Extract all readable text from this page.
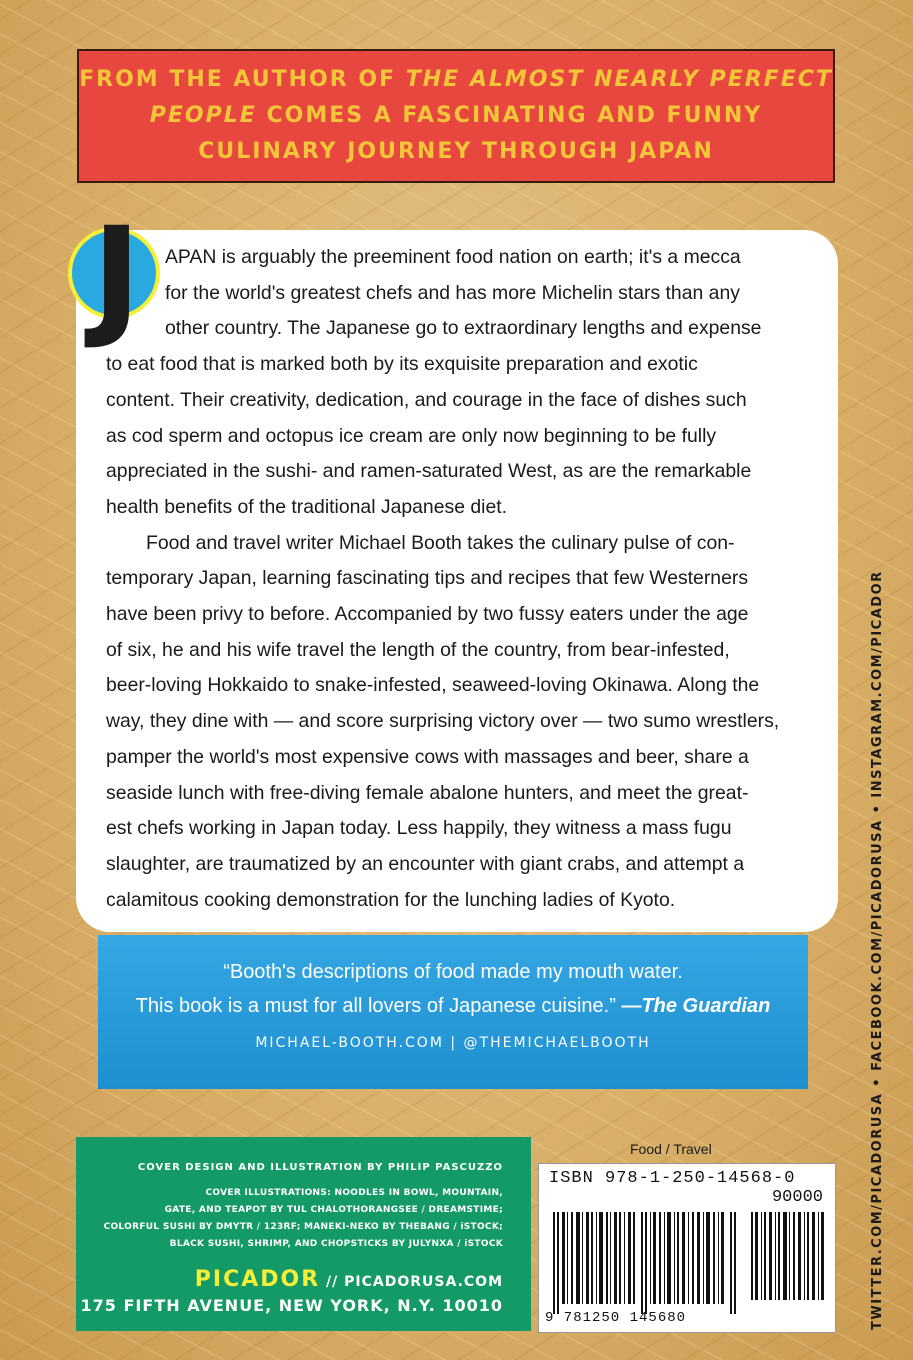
FROM THE AUTHOR OF THE ALMOST NEARLY PERFECT
PEOPLE COMES A FASCINATING AND FUNNY
CULINARY JOURNEY THROUGH JAPAN

APAN is arguably the preeminent food nation on earth; it's a mecca
for the world's greatest chefs and has more Michelin stars than any
other country. The Japanese go to extraordinary lengths and expense
to eat food that is marked both by its exquisite preparation and exotic
content. Their creativity, dedication, and courage in the face of dishes such
as cod sperm and octopus ice cream are only now beginning to be fully
appreciated in the sushi- and ramen-saturated West, as are the remarkable
health benefits of the traditional Japanese diet.

Food and travel writer Michael Booth takes the culinary pulse of con-
temporary Japan, learning fascinating tips and recipes that few Westerners
have been privy to before. Accompanied by two fussy eaters under the age
of six, he and his wife travel the length of the country, from bear-infested,
beer-loving Hokkaido to snake-infested, seaweed-loving Okinawa. Along the
way, they dine with — and score surprising victory over — two sumo wrestlers,
pamper the world's most expensive cows with massages and beer, share a
seaside lunch with free-diving female abalone hunters, and meet the great-
est chefs working in Japan today. Less happily, they witness a mass fugu
slaughter, are traumatized by an encounter with giant crabs, and attempt a
calamitous cooking demonstration for the lunching ladies of Kyoto.

J
“Booth's descriptions of food made my mouth water.
This book is a must for all lovers of Japanese cuisine.” —The Guardian
MICHAEL-BOOTH.COM | @THEMICHAELBOOTH
COVER DESIGN AND ILLUSTRATION BY PHILIP PASCUZZO
COVER ILLUSTRATIONS: NOODLES IN BOWL, MOUNTAIN,
GATE, AND TEAPOT BY TUL CHALOTHORANGSEE / DREAMSTIME;
COLORFUL SUSHI BY DMYTR / 123RF; MANEKI-NEKO BY THEBANG / iSTOCK;
BLACK SUSHI, SHRIMP, AND CHOPSTICKS BY JULYNXA / iSTOCK
PICADOR // PICADORUSA.COM
175 FIFTH AVENUE, NEW YORK, N.Y. 10010
Food / Travel
ISBN 978-1-250-14568-0
90000
9 781250 145680	TWITTER.COM/PICADORUSA • FACEBOOK.COM/PICADORUSA • INSTAGRAM.COM/PICADOR
